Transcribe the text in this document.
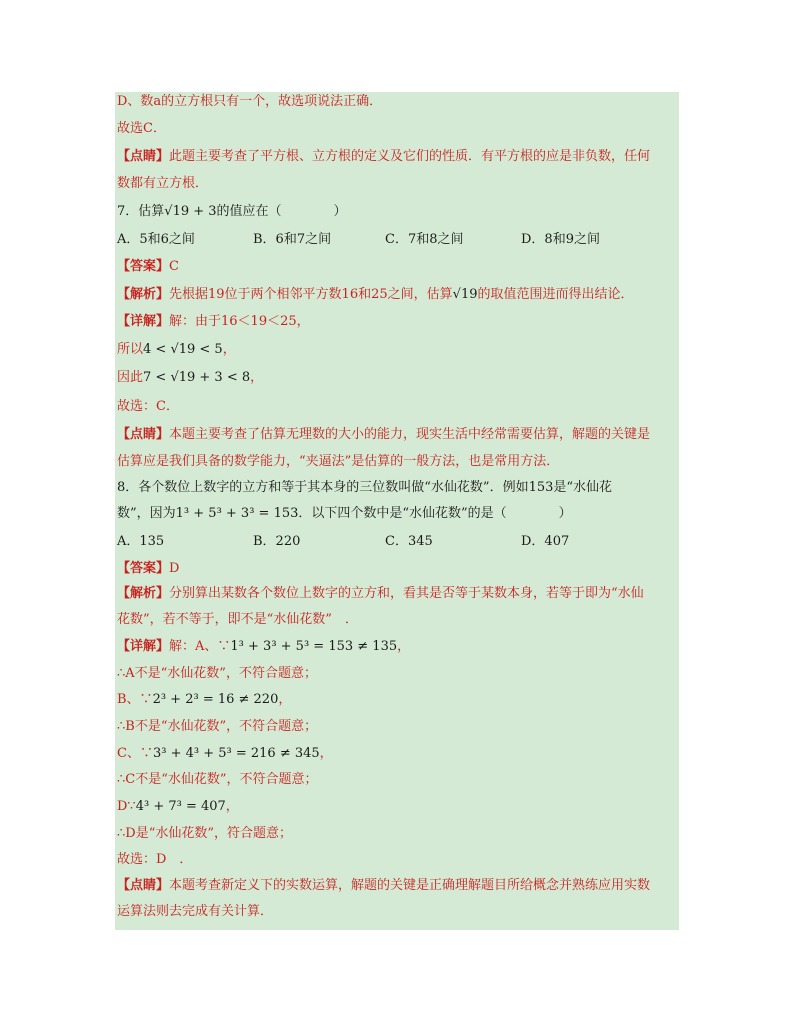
D、数a的立方根只有一个，故选项说法正确．
故选C．
【点睛】此题主要考查了平方根、立方根的定义及它们的性质．有平方根的应是非负数，任何
数都有立方根．
7．估算√19 + 3的值应在（　　　　）
A．5和6之间	B．6和7之间	C．7和8之间	D．8和9之间
【答案】C
【解析】先根据19位于两个相邻平方数16和25之间，估算√19的取值范围进而得出结论．
【详解】解：由于16＜19＜25，
所以4 < √19 < 5，
因此7 < √19 + 3 < 8，
故选：C．
【点睛】本题主要考查了估算无理数的大小的能力，现实生活中经常需要估算，解题的关键是
估算应是我们具备的数学能力，“夹逼法”是估算的一般方法，也是常用方法．
8．各个数位上数字的立方和等于其本身的三位数叫做“水仙花数”．例如153是“水仙花
数”，因为1³ + 5³ + 3³ = 153．以下四个数中是“水仙花数”的是（　　　　）
A．135	B．220	C．345	D．407
【答案】D
【解析】分别算出某数各个数位上数字的立方和，看其是否等于某数本身，若等于即为“水仙
花数”，若不等于，即不是“水仙花数”　．
【详解】解：A、∵1³ + 3³ + 5³ = 153 ≠ 135，
∴A不是“水仙花数”，不符合题意；
B、∵2³ + 2³ = 16 ≠ 220，
∴B不是“水仙花数”，不符合题意；
C、∵3³ + 4³ + 5³ = 216 ≠ 345，
∴C不是“水仙花数”，不符合题意；
D∵4³ + 7³ = 407，
∴D是“水仙花数”，符合题意；
故选：D　．
【点睛】本题考查新定义下的实数运算，解题的关键是正确理解题目所给概念并熟练应用实数
运算法则去完成有关计算．
